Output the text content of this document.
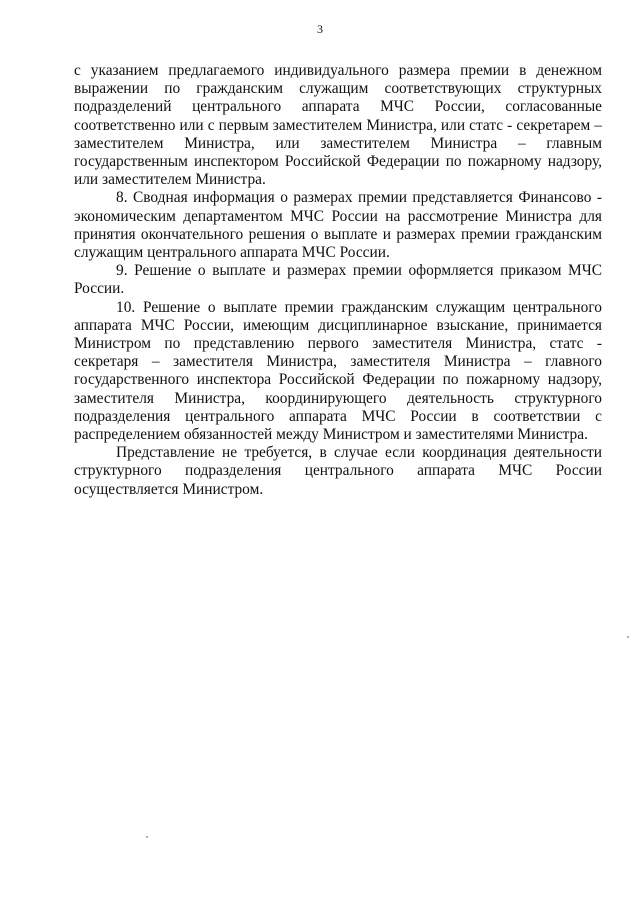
3

с указанием предлагаемого индивидуального размера премии в денежном выражении по гражданским служащим соответствующих структурных подразделений центрального аппарата МЧС России, согласованные соответственно или с первым заместителем Министра, или статс - секретарем – заместителем Министра, или заместителем Министра – главным государственным инспектором Российской Федерации по пожарному надзору, или заместителем Министра.

8. Сводная информация о размерах премии представляется Финансово - экономическим департаментом МЧС России на рассмотрение Министра для принятия окончательного решения о выплате и размерах премии гражданским служащим центрального аппарата МЧС России.

9. Решение о выплате и размерах премии оформляется приказом МЧС России.

10. Решение о выплате премии гражданским служащим центрального аппарата МЧС России, имеющим дисциплинарное взыскание, принимается Министром по представлению первого заместителя Министра, статс - секретаря – заместителя Министра, заместителя Министра – главного государственного инспектора Российской Федерации по пожарному надзору, заместителя Министра, координирующего деятельность структурного подразделения центрального аппарата МЧС России в соответствии с распределением обязанностей между Министром и заместителями Министра.

Представление не требуется, в случае если координация деятельности структурного подразделения центрального аппарата МЧС России осуществляется Министром.
